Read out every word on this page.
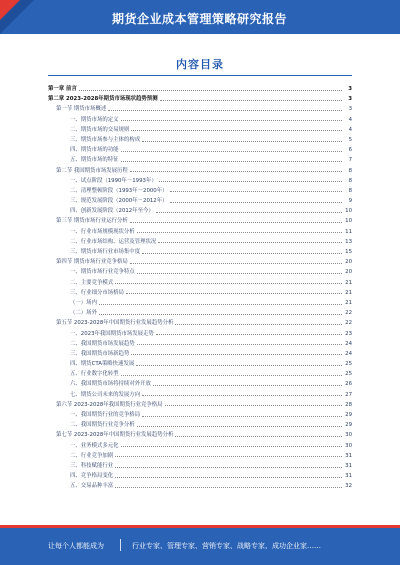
期货企业成本管理策略研究报告
内容目录
第一章 前言	3
第二章 2023-2028年期货市场现状趋势预测	3
第一节 期货市场概述	3
一、期货市场的定义	4
二、期货市场的交易规则	4
三、期货市场参与主体的构成	5
四、期货市场的功能	6
五、期货市场的特征	7
第二节 我国期货市场发展历程	8
一、试点阶段（1990年－1993年）	8
二、清理整顿阶段（1993年－2000年）	8
三、规范发展阶段（2000年－2012年）	9
四、创新发展阶段（2012年至今）	10
第三节 期货市场行业运行分析	10
一、行业市场规模现状分析	11
二、行业市场结构、运营及管理状况	13
三、期货市场行业市场集中度	15
第四节 期货市场行业竞争格局	20
一、期货市场行业竞争特点	20
二、主要竞争模式	21
三、行业细分市场格局	21
（一）场内	21
（二）场外	22
第五节 2023-2028年中国期货行业发展趋势分析	22
一、2023年我国期货市场发展走势	23
二、我国期货市场发展趋势	24
三、我国期货市场新趋势	24
四、期货CTA策略快速发展	25
五、行业数字化转型	25
六、我国期货市场将持续对外开放	26
七、期货公司未来的发展方向	27
第六节 2023-2028年我国期货行业竞争格局	28
一、我国期货行业的竞争格局	29
二、我国期货行业竞争分析	29
第七节 2023-2028年中国期货行业发展趋势分析	30
一、业务模式多元化	30
二、行业竞争加剧	31
三、科技赋能行业	31
四、竞争格局变化	31
五、交易品种丰富	32
让每个人都能成为	行业专家、管理专家、营销专家、战略专家、成功企业家……
